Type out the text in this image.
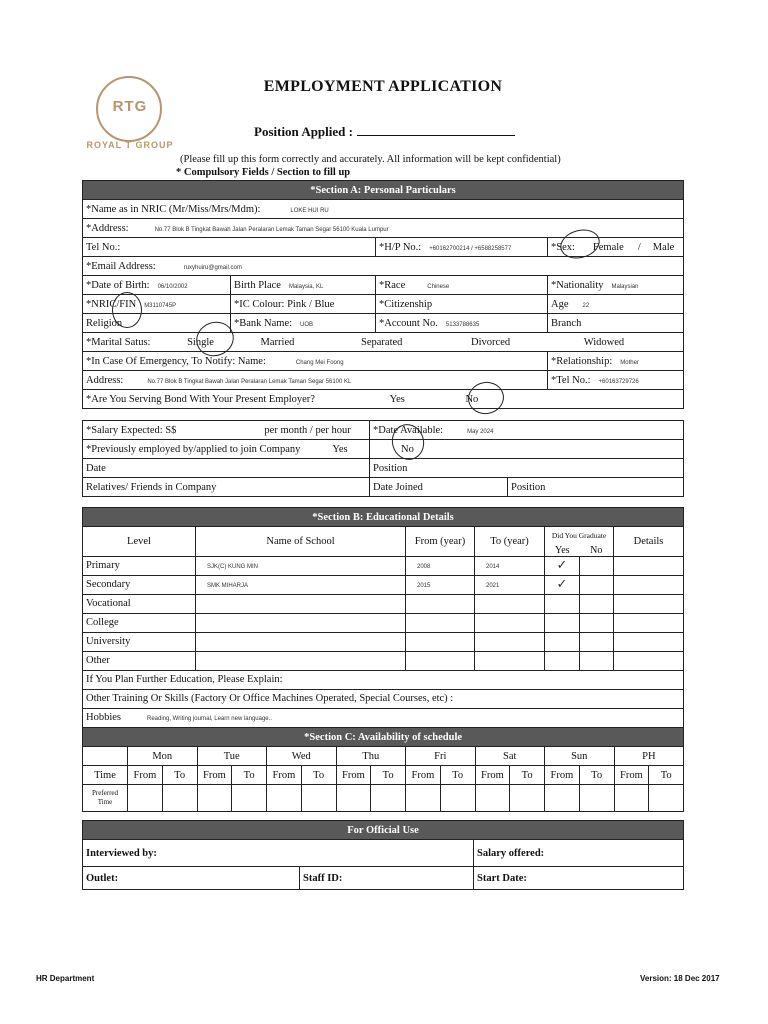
RTG
ROYAL T GROUP
EMPLOYMENT APPLICATION
Position Applied :
(Please fill up this form correctly and accurately. All information will be kept confidential)
* Compulsory Fields / Section to fill up
*Section A: Personal Particulars			
*Name as in NRIC (Mr/Miss/Mrs/Mdm): LOKE HUI RU			
*Address: No.77 Blok B Tingkat Bawah Jalan Peralaran Lemak Taman Segar 56100 Kuala Lumpur			
Tel No.:		*H/P No.: +60162700214 / +6588258577	*Sex: Female / Male
*Email Address: ruxyhuiru@gmail.com			
*Date of Birth: 06/10/2002	Birth Place Malaysia, KL	*Race Chinese	*Nationality Malaysian
*NRIC/FIN M3110745P	*IC Colour: Pink / Blue	*Citizenship	Age 22
Religion	*Bank Name: UOB	*Account No. 5133788635	Branch
*Marital Satus: Single Married Separated Divorced Widowed			
*In Case Of Emergency, To Notify: Name: Chang Mei Foong			*Relationship: Mother
Address: No.77 Blok B Tingkat Bawah Jalan Peralaran Lemak Taman Segar 56100 KL			*Tel No.: +60163729726
*Are You Serving Bond With Your Present Employer? Yes No			
*Salary Expected: S$ per month / per hour	*Date Available: May 2024	
*Previously employed by/applied to join Company Yes	No	
Date	Position	
Relatives/ Friends in Company	Date Joined	Position
*Section B: Educational Details						
Level	Name of School	From (year)	To (year)	Did You Graduate		Details
				Yes	No	
Primary	SJK(C) KUNG MIN	2008	2014	✓		
Secondary	SMK MIHARJA	2015	2021	✓		
Vocational						
College						
University						
Other						
If You Plan Further Education, Please Explain:						
Other Training Or Skills (Factory Or Office Machines Operated, Special Courses, etc) :						
Hobbies Reading, Writing journal, Learn new language..						
*Section C: Availability of schedule																
	Mon		Tue		Wed		Thu		Fri		Sat		Sun		PH	
Time	From	To	From	To	From	To	From	To	From	To	From	To	From	To	From	To
Preferred Time																
For Official Use		
Interviewed by:		Salary offered:
Outlet:	Staff ID:	Start Date:
HR Department	Version: 18 Dec 2017
